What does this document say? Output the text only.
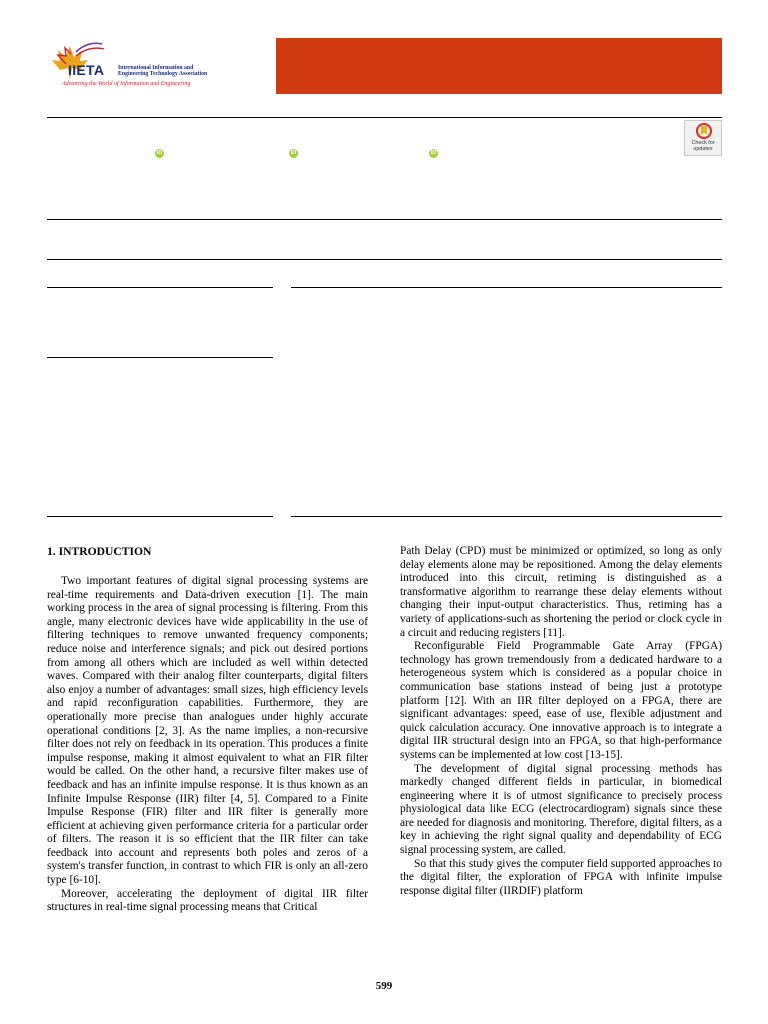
IIETA International Information and
Engineering Technology Association
Advancing the World of Information and Engineering
iD	iD	iD
Check for updates
1. INTRODUCTION

Two important features of digital signal processing systems are real-time requirements and Data-driven execution [1]. The main working process in the area of signal processing is filtering. From this angle, many electronic devices have wide applicability in the use of filtering techniques to remove unwanted frequency components; reduce noise and interference signals; and pick out desired portions from among all others which are included as well within detected waves. Compared with their analog filter counterparts, digital filters also enjoy a number of advantages: small sizes, high efficiency levels and rapid reconfiguration capabilities. Furthermore, they are operationally more precise than analogues under highly accurate operational conditions [2, 3]. As the name implies, a non-recursive filter does not rely on feedback in its operation. This produces a finite impulse response, making it almost equivalent to what an FIR filter would be called. On the other hand, a recursive filter makes use of feedback and has an infinite impulse response. It is thus known as an Infinite Impulse Response (IIR) filter [4, 5]. Compared to a Finite Impulse Response (FIR) filter and IIR filter is generally more efficient at achieving given performance criteria for a particular order of filters. The reason it is so efficient that the IIR filter can take feedback into account and represents both poles and zeros of a system's transfer function, in contrast to which FIR is only an all-zero type [6-10].

Moreover, accelerating the deployment of digital IIR filter structures in real-time signal processing means that Critical

Path Delay (CPD) must be minimized or optimized, so long as only delay elements alone may be repositioned. Among the delay elements introduced into this circuit, retiming is distinguished as a transformative algorithm to rearrange these delay elements without changing their input-output characteristics. Thus, retiming has a variety of applications-such as shortening the period or clock cycle in a circuit and reducing registers [11].

Reconfigurable Field Programmable Gate Array (FPGA) technology has grown tremendously from a dedicated hardware to a heterogeneous system which is considered as a popular choice in communication base stations instead of being just a prototype platform [12]. With an IIR filter deployed on a FPGA, there are significant advantages: speed, ease of use, flexible adjustment and quick calculation accuracy. One innovative approach is to integrate a digital IIR structural design into an FPGA, so that high-performance systems can be implemented at low cost [13-15].

The development of digital signal processing methods has markedly changed different fields in particular, in biomedical engineering where it is of utmost significance to precisely process physiological data like ECG (electrocardiogram) signals since these are needed for diagnosis and monitoring. Therefore, digital filters, as a key in achieving the right signal quality and dependability of ECG signal processing system, are called.

So that this study gives the computer field supported approaches to the digital filter, the exploration of FPGA with infinite impulse response digital filter (IIRDIF) platform

599
